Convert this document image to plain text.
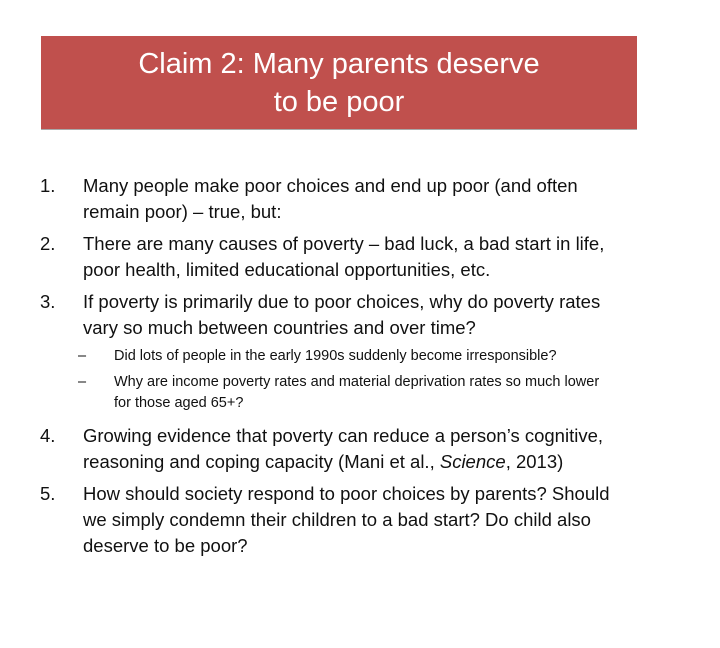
Claim 2: Many parents deserve
to be poor
1. Many people make poor choices and end up poor (and often
remain poor) – true, but:
2. There are many causes of poverty – bad luck, a bad start in life,
poor health, limited educational opportunities, etc.
3. If poverty is primarily due to poor choices, why do poverty rates
vary so much between countries and over time?
– Did lots of people in the early 1990s suddenly become irresponsible?
– Why are income poverty rates and material deprivation rates so much lower
for those aged 65+?
4. Growing evidence that poverty can reduce a person’s cognitive,
reasoning and coping capacity (Mani et al., Science, 2013)
5. How should society respond to poor choices by parents? Should
we simply condemn their children to a bad start? Do child also
deserve to be poor?
